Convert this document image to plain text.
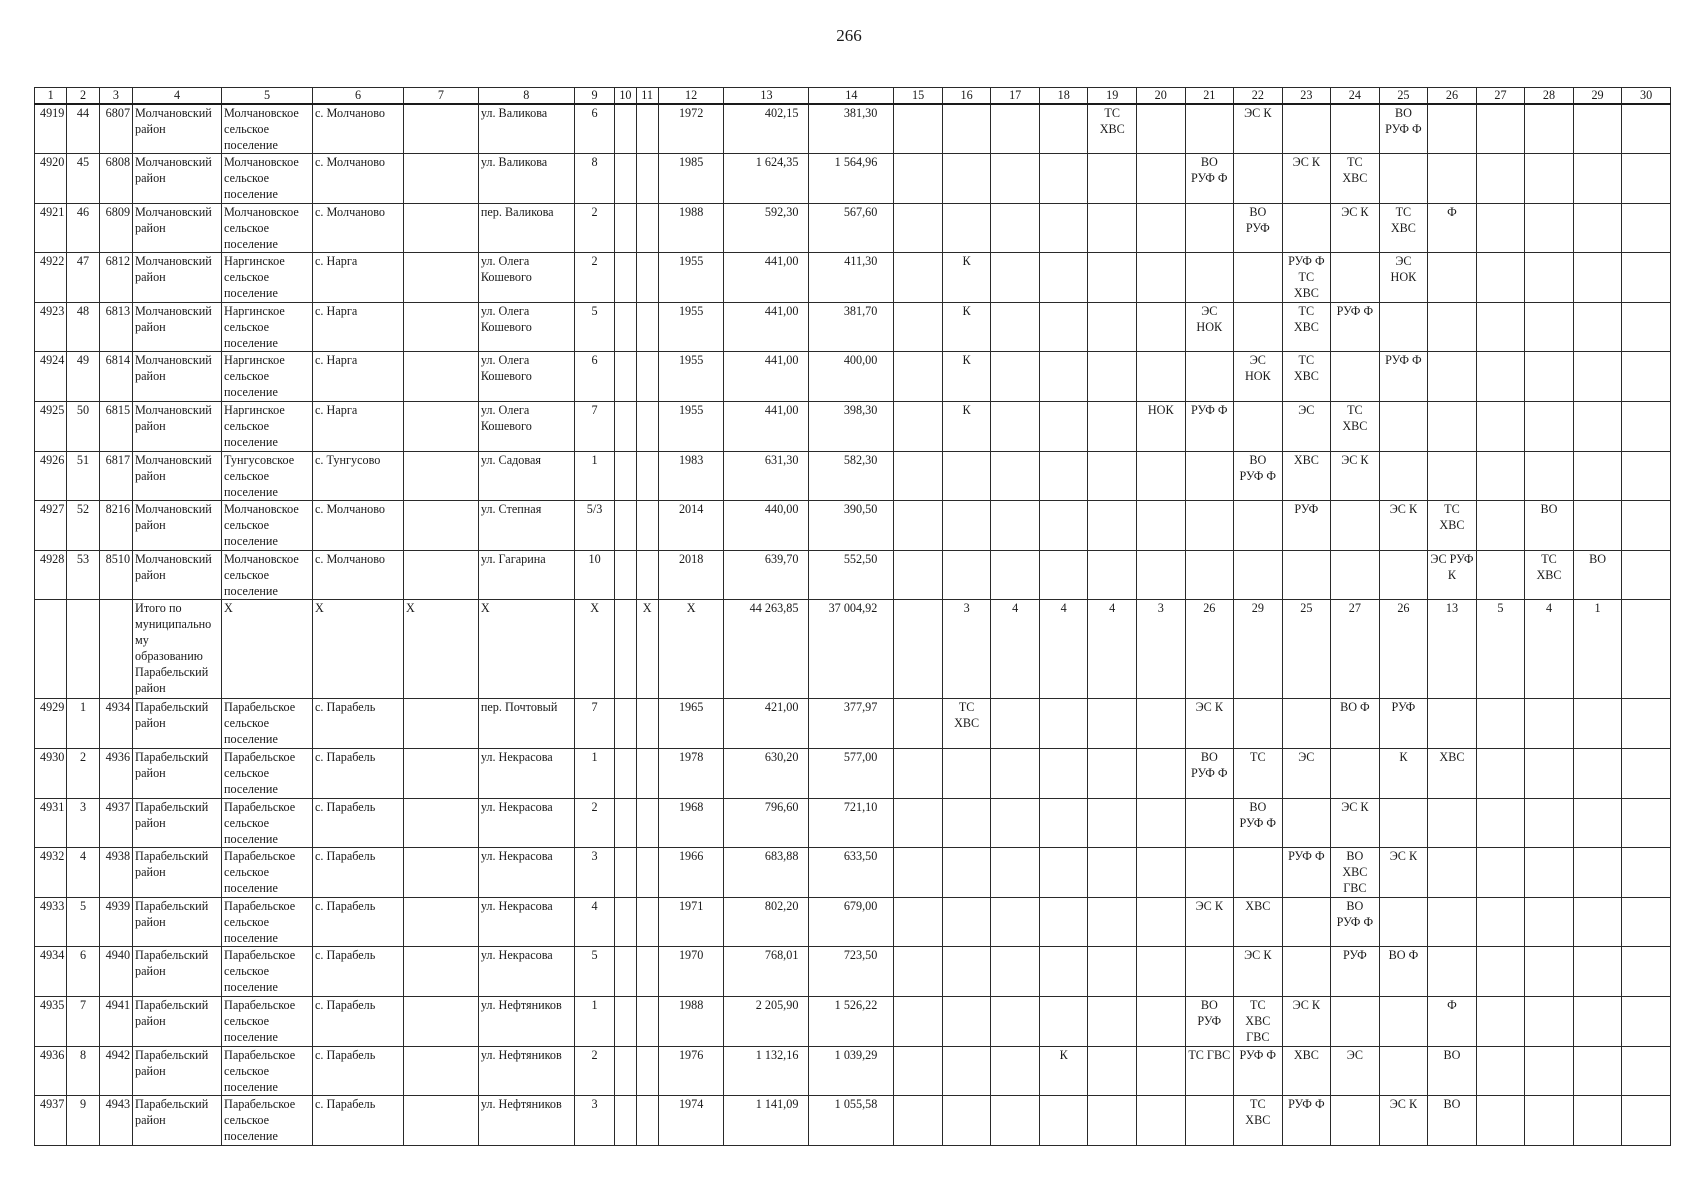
266
1	2	3	4	5	6	7	8	9	10	11	12	13	14	15	16	17	18	19	20	21	22	23	24	25	26	27	28	29	30
4919	44	6807	Молчановский район	Молчановское сельское поселение	с. Молчаново		ул. Валикова	6			1972	402,15	381,30					ТС ХВС			ЭС К			ВО РУФ Ф					
4920	45	6808	Молчановский район	Молчановское сельское поселение	с. Молчаново		ул. Валикова	8			1985	1 624,35	1 564,96							ВО РУФ Ф		ЭС К	ТС ХВС						
4921	46	6809	Молчановский район	Молчановское сельское поселение	с. Молчаново		пер. Валикова	2			1988	592,30	567,60								ВО РУФ		ЭС К	ТС ХВС	Ф				
4922	47	6812	Молчановский район	Наргинское сельское поселение	с. Нарга		ул. Олега Кошевого	2			1955	441,00	411,30		К							РУФ Ф ТС ХВС		ЭС НОК					
4923	48	6813	Молчановский район	Наргинское сельское поселение	с. Нарга		ул. Олега Кошевого	5			1955	441,00	381,70		К					ЭС НОК		ТС ХВС	РУФ Ф						
4924	49	6814	Молчановский район	Наргинское сельское поселение	с. Нарга		ул. Олега Кошевого	6			1955	441,00	400,00		К						ЭС НОК	ТС ХВС		РУФ Ф					
4925	50	6815	Молчановский район	Наргинское сельское поселение	с. Нарга		ул. Олега Кошевого	7			1955	441,00	398,30		К				НОК	РУФ Ф		ЭС	ТС ХВС						
4926	51	6817	Молчановский район	Тунгусовское сельское поселение	с. Тунгусово		ул. Садовая	1			1983	631,30	582,30								ВО РУФ Ф	ХВС	ЭС К						
4927	52	8216	Молчановский район	Молчановское сельское поселение	с. Молчаново		ул. Степная	5/3			2014	440,00	390,50									РУФ		ЭС К	ТС ХВС		ВО		
4928	53	8510	Молчановский район	Молчановское сельское поселение	с. Молчаново		ул. Гагарина	10			2018	639,70	552,50												ЭС РУФ К		ТС ХВС	ВО	
			Итого по муниципально му образованию Парабельский район	X	X	X	X	X		X	X	44 263,85	37 004,92		3	4	4	4	3	26	29	25	27	26	13	5	4	1	
4929	1	4934	Парабельский район	Парабельское сельское поселение	с. Парабель		пер. Почтовый	7			1965	421,00	377,97		ТС ХВС					ЭС К			ВО Ф	РУФ					
4930	2	4936	Парабельский район	Парабельское сельское поселение	с. Парабель		ул. Некрасова	1			1978	630,20	577,00							ВО РУФ Ф	ТС	ЭС		К	ХВС				
4931	3	4937	Парабельский район	Парабельское сельское поселение	с. Парабель		ул. Некрасова	2			1968	796,60	721,10								ВО РУФ Ф		ЭС К						
4932	4	4938	Парабельский район	Парабельское сельское поселение	с. Парабель		ул. Некрасова	3			1966	683,88	633,50									РУФ Ф	ВО ХВС ГВС	ЭС К					
4933	5	4939	Парабельский район	Парабельское сельское поселение	с. Парабель		ул. Некрасова	4			1971	802,20	679,00							ЭС К	ХВС		ВО РУФ Ф						
4934	6	4940	Парабельский район	Парабельское сельское поселение	с. Парабель		ул. Некрасова	5			1970	768,01	723,50								ЭС К		РУФ	ВО Ф					
4935	7	4941	Парабельский район	Парабельское сельское поселение	с. Парабель		ул. Нефтяников	1			1988	2 205,90	1 526,22							ВО РУФ	ТС ХВС ГВС	ЭС К			Ф				
4936	8	4942	Парабельский район	Парабельское сельское поселение	с. Парабель		ул. Нефтяников	2			1976	1 132,16	1 039,29				К			ТС ГВС	РУФ Ф	ХВС	ЭС		ВО				
4937	9	4943	Парабельский район	Парабельское сельское поселение	с. Парабель		ул. Нефтяников	3			1974	1 141,09	1 055,58								ТС ХВС	РУФ Ф		ЭС К	ВО				
